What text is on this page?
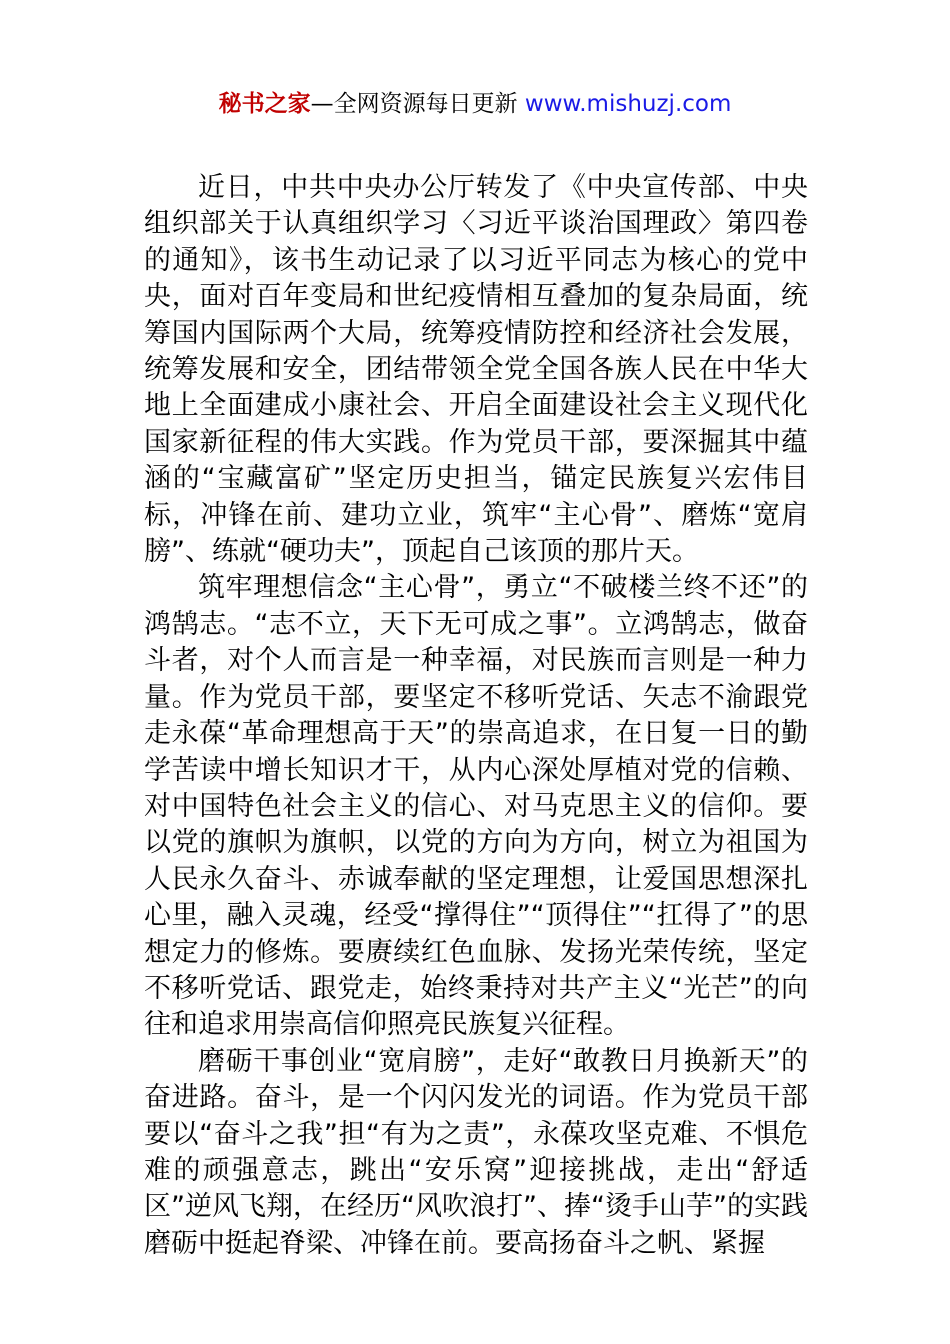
秘书之家—全网资源每日更新 www.mishuzj.com

近日，中共中央办公厅转发了《中央宣传部、中央组织部关于认真组织学习〈习近平谈治国理政〉第四卷的通知》，该书生动记录了以习近平同志为核心的党中央，面对百年变局和世纪疫情相互叠加的复杂局面，统筹国内国际两个大局，统筹疫情防控和经济社会发展，统筹发展和安全，团结带领全党全国各族人民在中华大地上全面建成小康社会、开启全面建设社会主义现代化国家新征程的伟大实践。作为党员干部，要深掘其中蕴涵的“宝藏富矿”坚定历史担当，锚定民族复兴宏伟目标，冲锋在前、建功立业，筑牢“主心骨”、磨炼“宽肩膀”、练就“硬功夫”，顶起自己该顶的那片天。

筑牢理想信念“主心骨”，勇立“不破楼兰终不还”的鸿鹄志。“志不立，天下无可成之事”。立鸿鹄志，做奋斗者，对个人而言是一种幸福，对民族而言则是一种力量。作为党员干部，要坚定不移听党话、矢志不渝跟党走永葆“革命理想高于天”的崇高追求，在日复一日的勤学苦读中增长知识才干，从内心深处厚植对党的信赖、对中国特色社会主义的信心、对马克思主义的信仰。要以党的旗帜为旗帜，以党的方向为方向，树立为祖国为人民永久奋斗、赤诚奉献的坚定理想，让爱国思想深扎心里，融入灵魂，经受“撑得住”“顶得住”“扛得了”的思想定力的修炼。要赓续红色血脉、发扬光荣传统，坚定不移听党话、跟党走，始终秉持对共产主义“光芒”的向往和追求用崇高信仰照亮民族复兴征程。

磨砺干事创业“宽肩膀”，走好“敢教日月换新天”的奋进路。奋斗，是一个闪闪发光的词语。作为党员干部要以“奋斗之我”担“有为之责”，永葆攻坚克难、不惧危难的顽强意志，跳出“安乐窝”迎接挑战，走出“舒适区”逆风飞翔，在经历“风吹浪打”、捧“烫手山芋”的实践磨砺中挺起脊梁、冲锋在前。要高扬奋斗之帆、紧握
